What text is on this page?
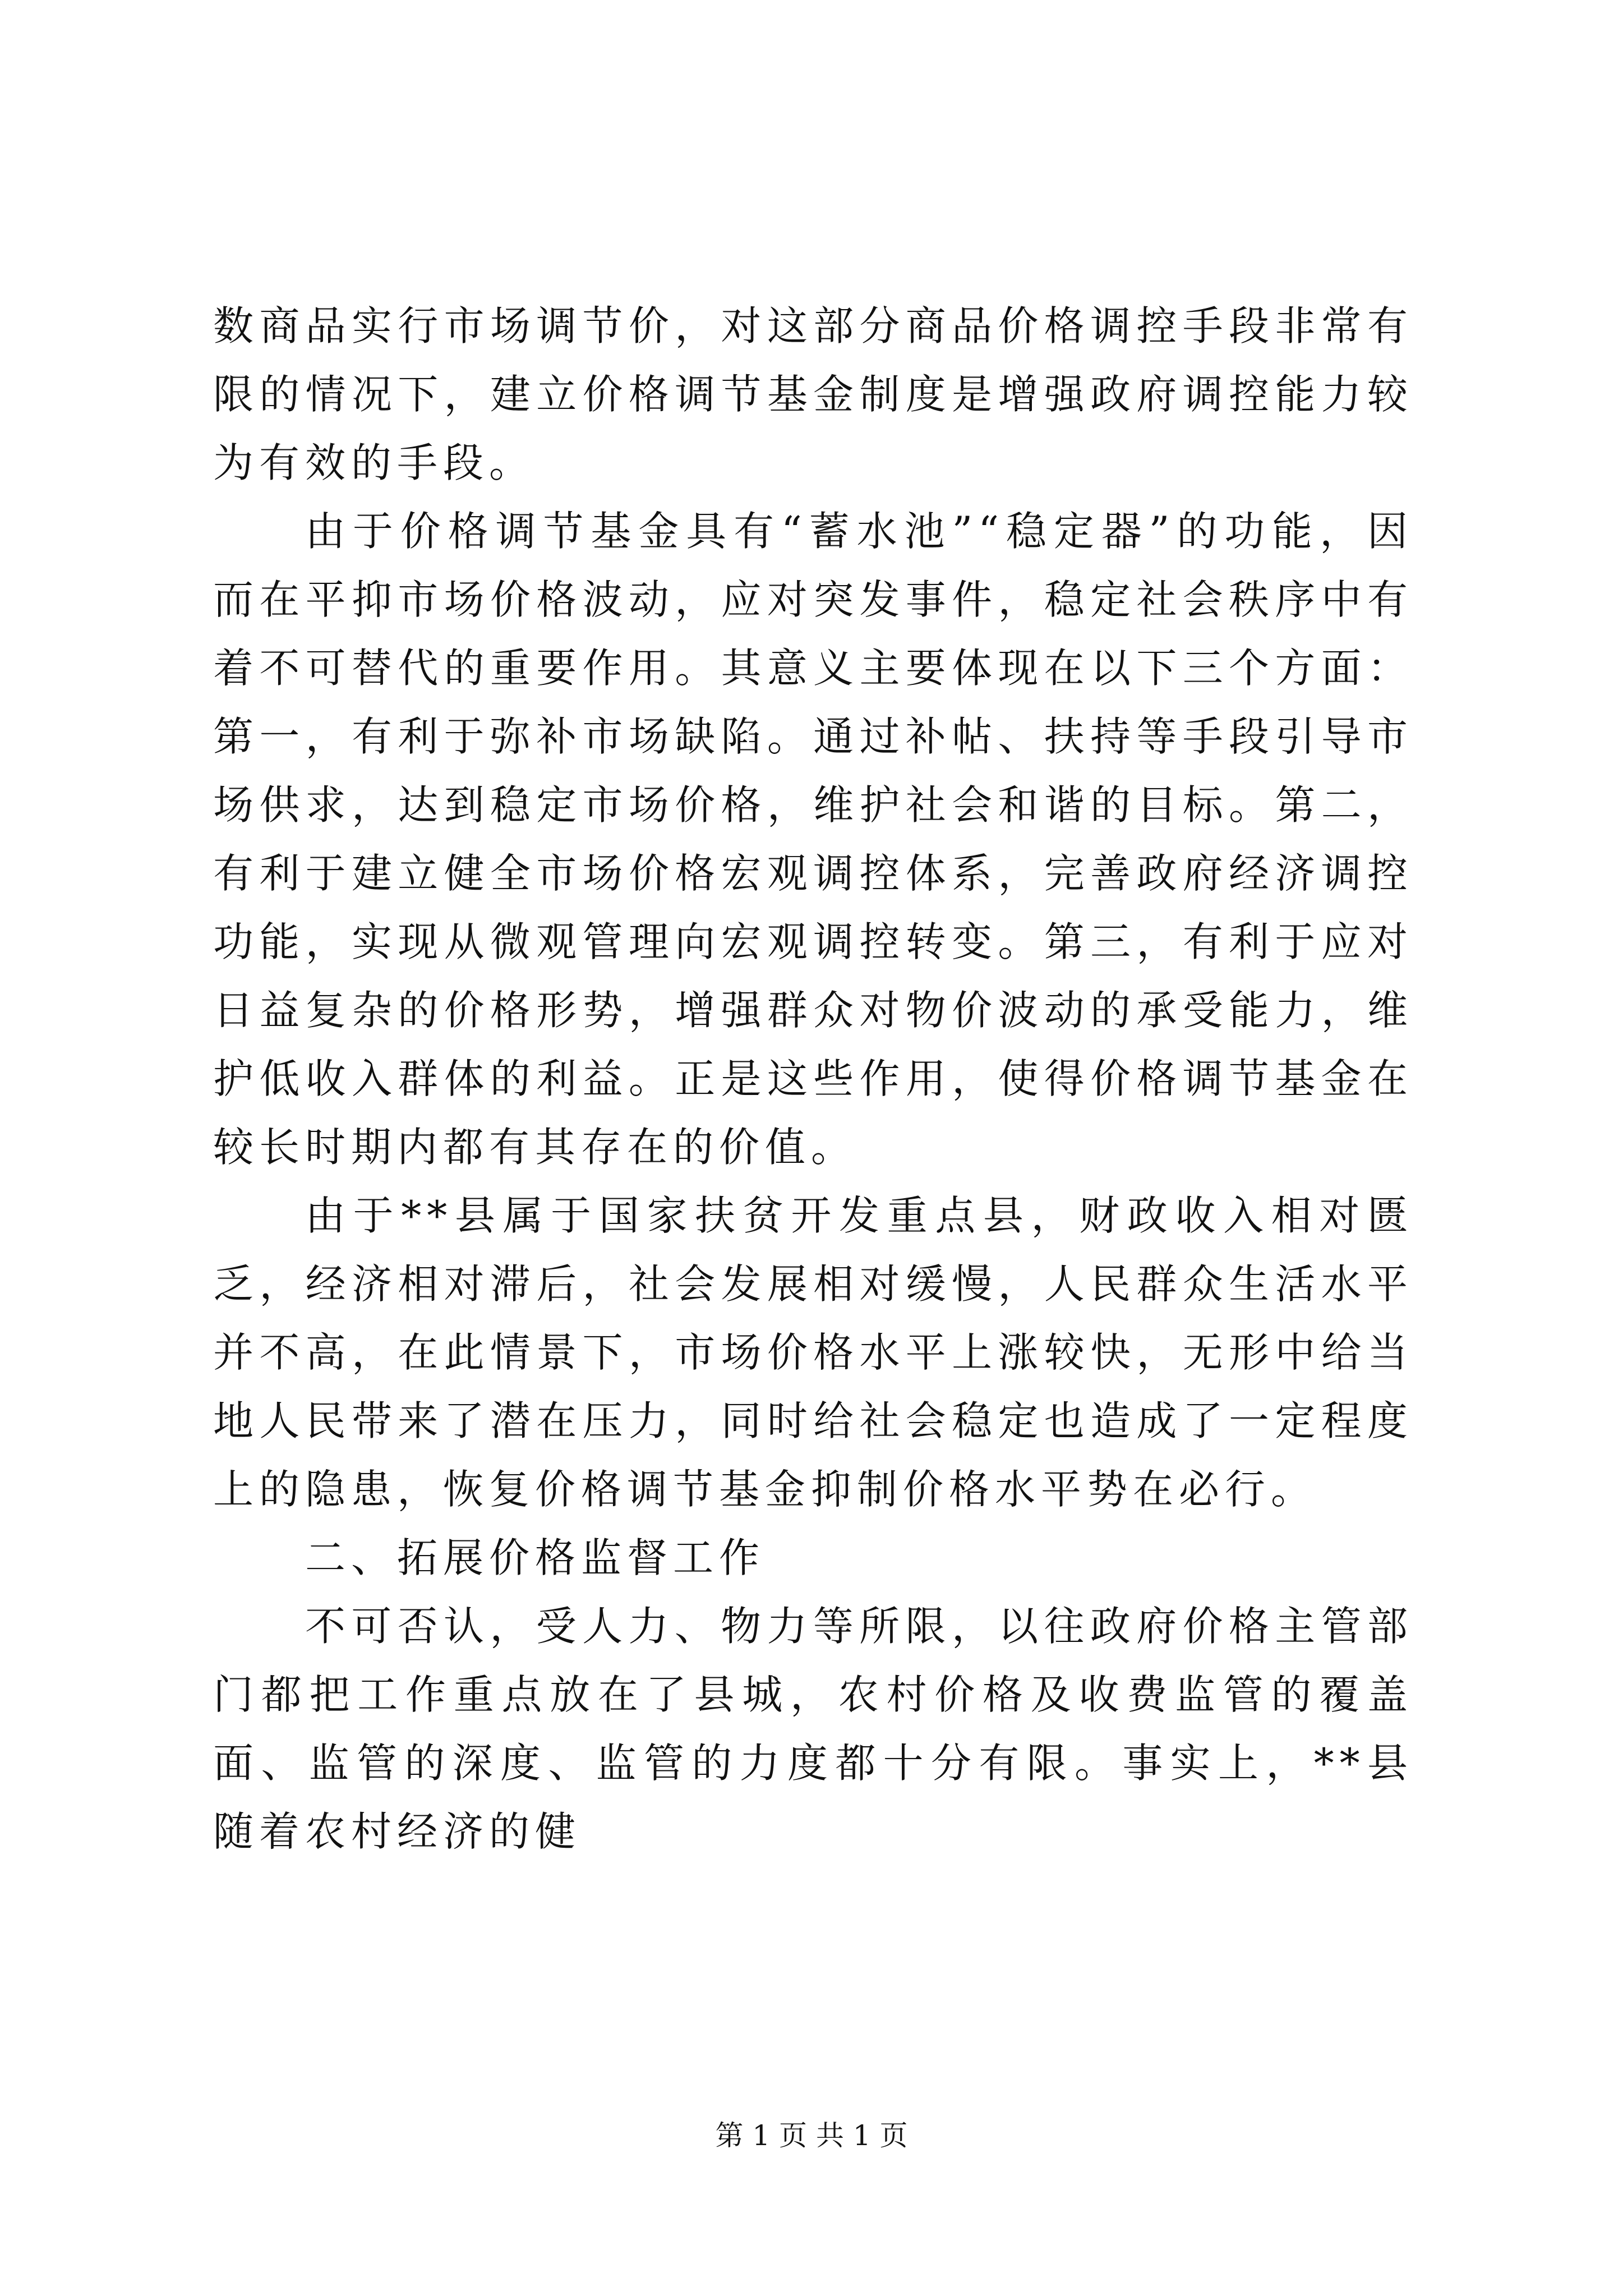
数商品实行市场调节价，对这部分商品价格调控手段非常有限的情况下，建立价格调节基金制度是增强政府调控能力较为有效的手段。

由于价格调节基金具有“蓄水池”“稳定器”的功能，因而在平抑市场价格波动，应对突发事件，稳定社会秩序中有着不可替代的重要作用。其意义主要体现在以下三个方面：第一，有利于弥补市场缺陷。通过补帖、扶持等手段引导市场供求，达到稳定市场价格，维护社会和谐的目标。第二，有利于建立健全市场价格宏观调控体系，完善政府经济调控功能，实现从微观管理向宏观调控转变。第三，有利于应对日益复杂的价格形势，增强群众对物价波动的承受能力，维护低收入群体的利益。正是这些作用，使得价格调节基金在较长时期内都有其存在的价值。

由于**县属于国家扶贫开发重点县，财政收入相对匮乏，经济相对滞后，社会发展相对缓慢，人民群众生活水平并不高，在此情景下，市场价格水平上涨较快，无形中给当地人民带来了潜在压力，同时给社会稳定也造成了一定程度上的隐患，恢复价格调节基金抑制价格水平势在必行。

二、拓展价格监督工作

不可否认，受人力、物力等所限，以往政府价格主管部门都把工作重点放在了县城，农村价格及收费监管的覆盖面、监管的深度、监管的力度都十分有限。事实上，**县随着农村经济的健

第 1 页 共 1 页
